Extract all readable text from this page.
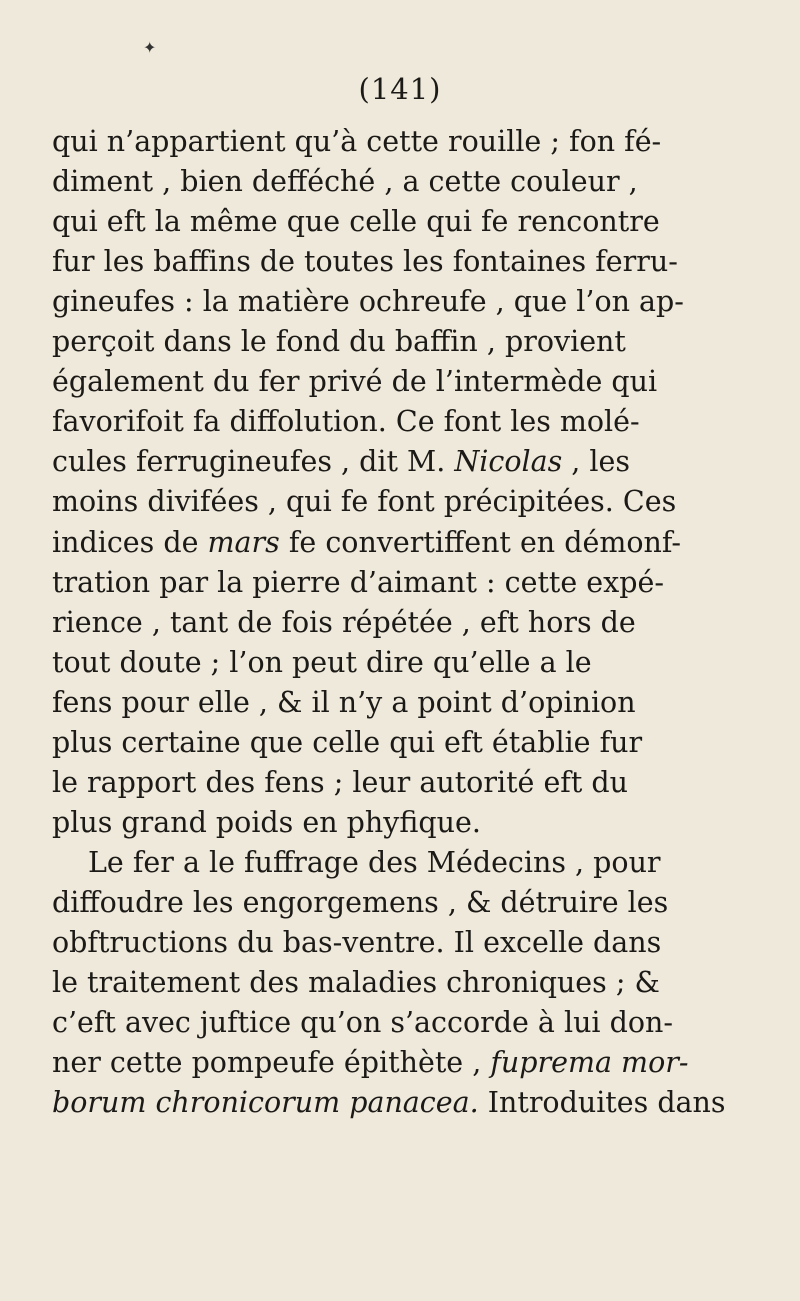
(141)
qui n’appartient qu’à cette rouille ; fon fé-
diment , bien defféché , a cette couleur ,
qui eft la même que celle qui fe rencontre
fur les baffins de toutes les fontaines ferru-
gineufes : la matière ochreufe , que l’on ap-
perçoit dans le fond du baffin , provient
également du fer privé de l’intermède qui
favorifoit fa diffolution. Ce font les molé-
cules ferrugineufes , dit M. Nicolas , les
moins divifées , qui fe font précipitées. Ces
indices de mars fe convertiffent en démonf-
tration par la pierre d’aimant : cette expé-
rience , tant de fois répétée , eft hors de
tout doute ; l’on peut dire qu’elle a le
fens pour elle , & il n’y a point d’opinion
plus certaine que celle qui eft établie fur
le rapport des fens ; leur autorité eft du
plus grand poids en phyfique.
Le fer a le fuffrage des Médecins , pour
diffoudre les engorgemens , & détruire les
obftructions du bas-ventre. Il excelle dans
le traitement des maladies chroniques ; &
c’eft avec juftice qu’on s’accorde à lui don-
ner cette pompeufe épithète , fuprema mor-
borum chronicorum panacea. Introduites dans
✦
